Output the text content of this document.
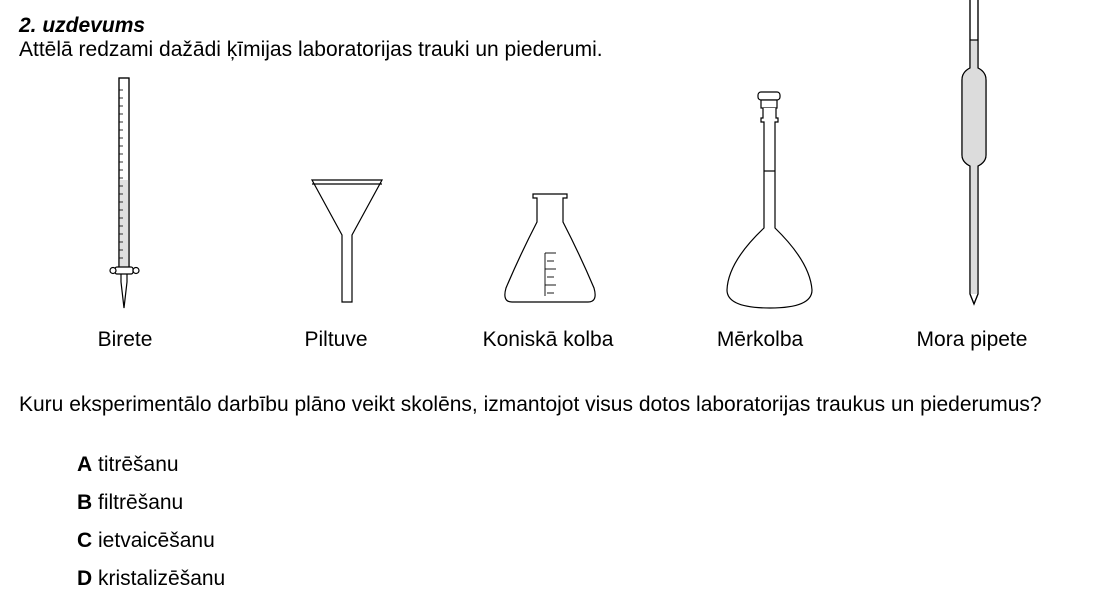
2. uzdevums
Attēlā redzami dažādi ķīmijas laboratorijas trauki un piederumi.
Birete	Piltuve	Koniskā kolba	Mērkolba	Mora pipete
Kuru eksperimentālo darbību plāno veikt skolēns, izmantojot visus dotos laboratorijas traukus un piederumus?
A titrēšanu
B filtrēšanu
C ietvaicēšanu
D kristalizēšanu
